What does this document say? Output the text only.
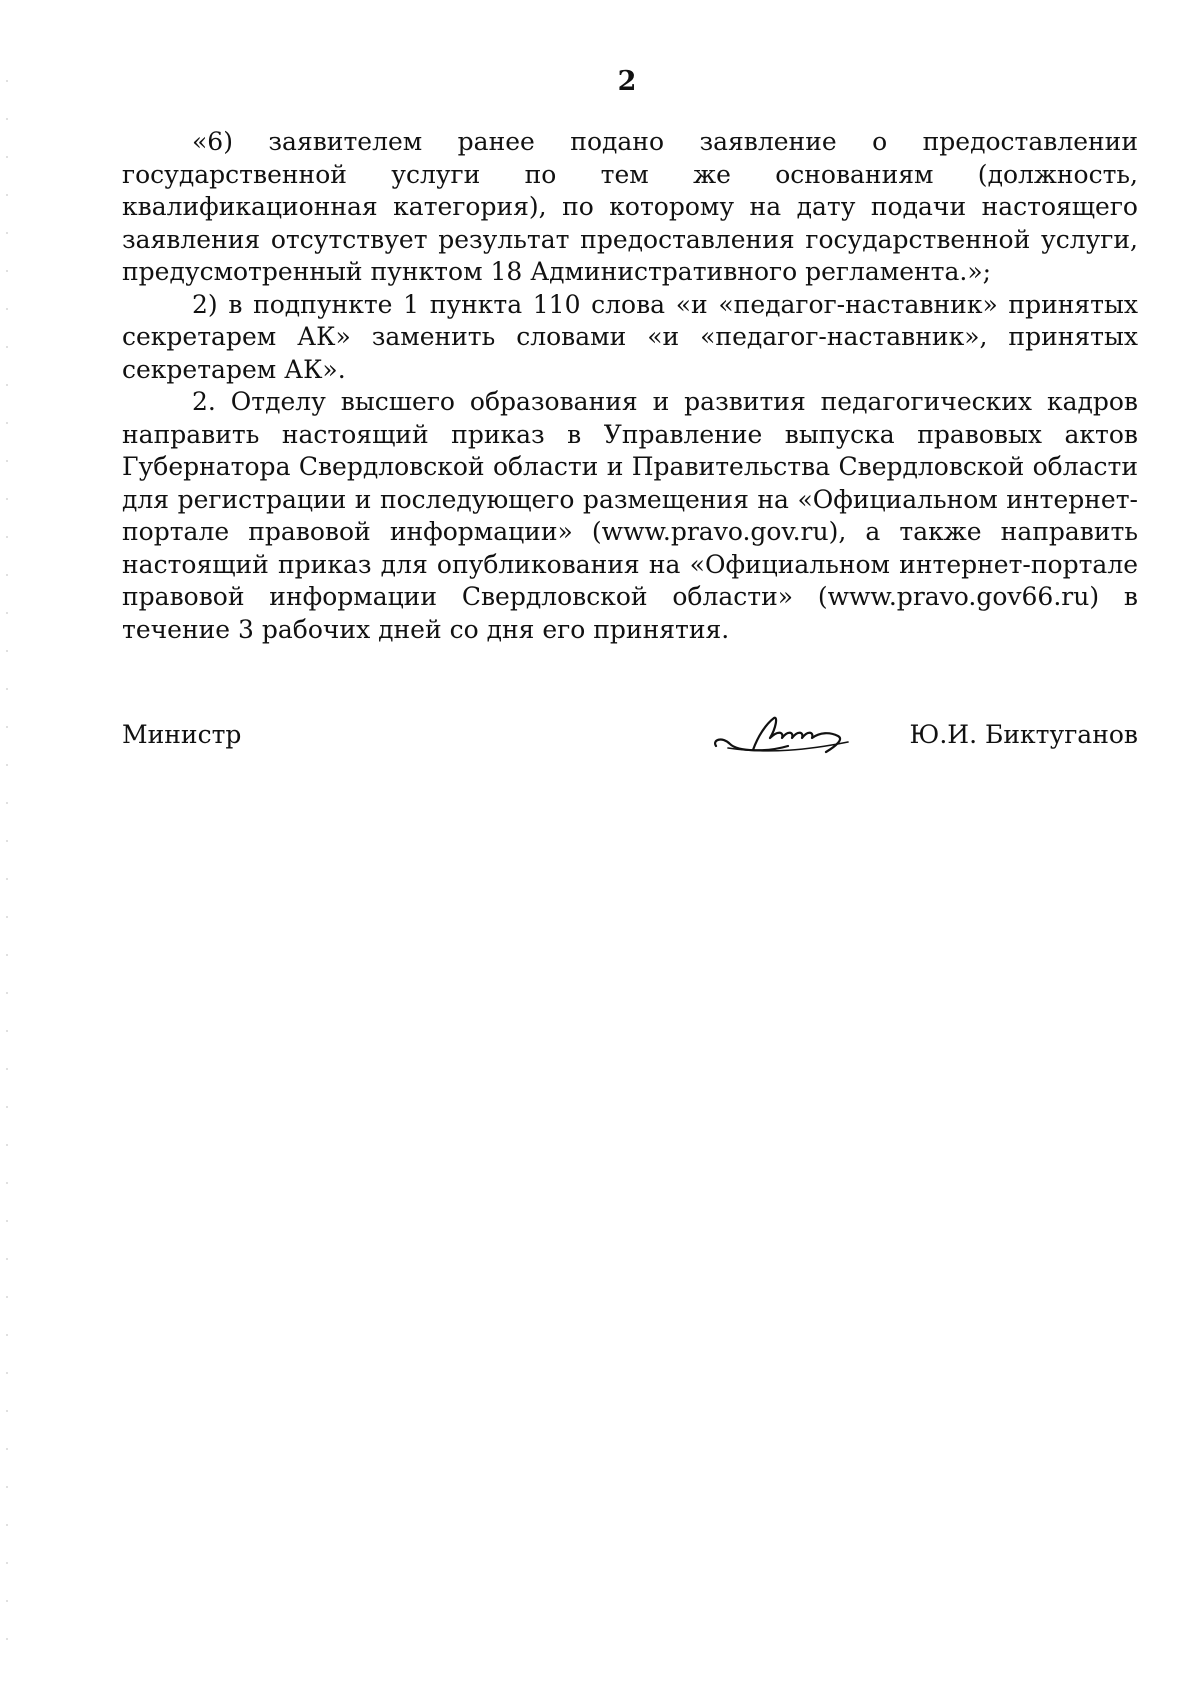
2

«6) заявителем ранее подано заявление о предоставлении государственной услуги по тем же основаниям (должность, квалификационная категория), по которому на дату подачи настоящего заявления отсутствует результат предоставления государственной услуги, предусмотренный пунктом 18 Административного регламента.»;

2) в подпункте 1 пункта 110 слова «и «педагог-наставник» принятых секретарем АК» заменить словами «и «педагог-наставник», принятых секретарем АК».

2. Отделу высшего образования и развития педагогических кадров направить настоящий приказ в Управление выпуска правовых актов Губернатора Свердловской области и Правительства Свердловской области для регистрации и последующего размещения на «Официальном интернет-портале правовой информации» (www.pravo.gov.ru), а также направить настоящий приказ для опубликования на «Официальном интернет-портале правовой информации Свердловской области» (www.pravo.gov66.ru) в течение 3 рабочих дней со дня его принятия.

Министр	Ю.И. Биктуганов
